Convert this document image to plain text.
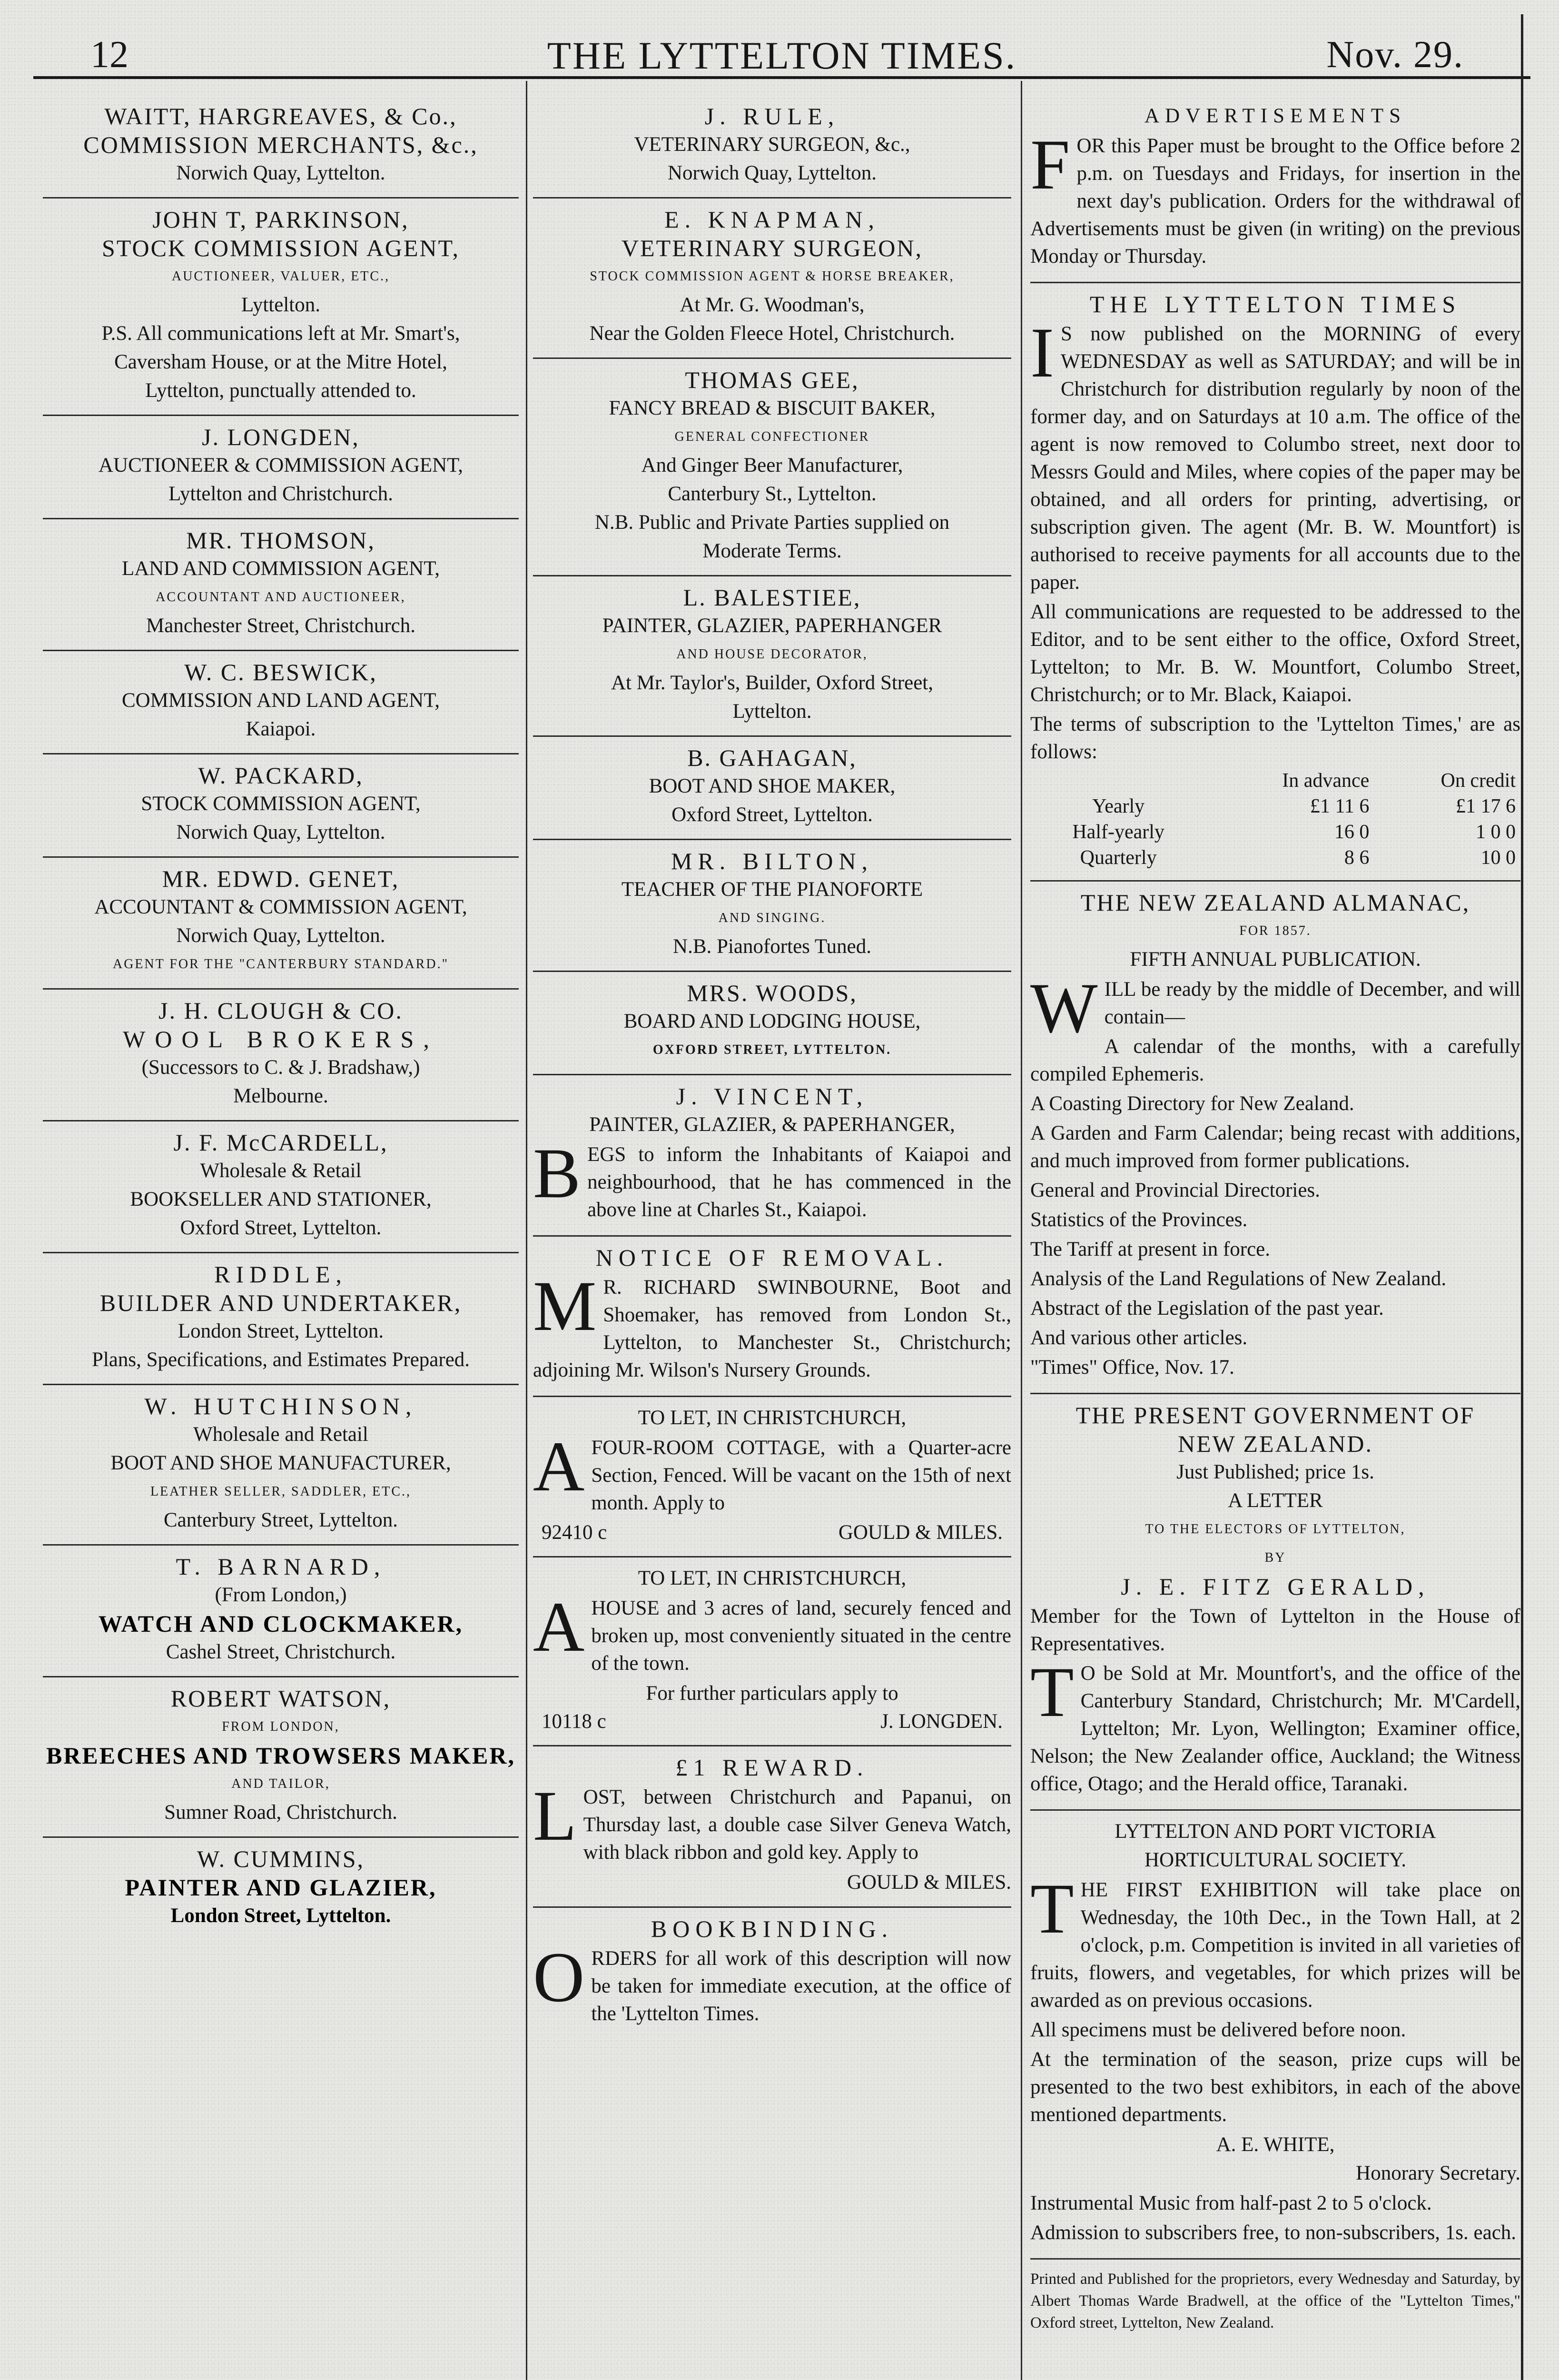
12	THE LYTTELTON TIMES.	Nov. 29.
WAITT, HARGREAVES, & Co.,
COMMISSION MERCHANTS, &c.,
Norwich Quay, Lyttelton.
JOHN T, PARKINSON,
STOCK COMMISSION AGENT,
AUCTIONEER, VALUER, ETC.,
Lyttelton.
P.S. All communications left at Mr. Smart's,
Caversham House, or at the Mitre Hotel,
Lyttelton, punctually attended to.
J. LONGDEN,
AUCTIONEER & COMMISSION AGENT,
Lyttelton and Christchurch.
MR. THOMSON,
LAND AND COMMISSION AGENT,
ACCOUNTANT AND AUCTIONEER,
Manchester Street, Christchurch.
W. C. BESWICK,
COMMISSION AND LAND AGENT,
Kaiapoi.
W. PACKARD,
STOCK COMMISSION AGENT,
Norwich Quay, Lyttelton.
MR. EDWD. GENET,
ACCOUNTANT & COMMISSION AGENT,
Norwich Quay, Lyttelton.
AGENT FOR THE "CANTERBURY STANDARD."
J. H. CLOUGH & CO.
WOOL BROKERS,
(Successors to C. & J. Bradshaw,)
Melbourne.
J. F. McCARDELL,
Wholesale & Retail
BOOKSELLER AND STATIONER,
Oxford Street, Lyttelton.
RIDDLE,
BUILDER AND UNDERTAKER,
London Street, Lyttelton.
Plans, Specifications, and Estimates Prepared.
W. HUTCHINSON,
Wholesale and Retail
BOOT AND SHOE MANUFACTURER,
LEATHER SELLER, SADDLER, ETC.,
Canterbury Street, Lyttelton.
T. BARNARD,
(From London,)
WATCH AND CLOCKMAKER,
Cashel Street, Christchurch.
ROBERT WATSON,
FROM LONDON,
BREECHES AND TROWSERS MAKER,
AND TAILOR,
Sumner Road, Christchurch.
W. CUMMINS,
PAINTER AND GLAZIER,
London Street, Lyttelton.
J. RULE,
VETERINARY SURGEON, &c.,
Norwich Quay, Lyttelton.
E. KNAPMAN,
VETERINARY SURGEON,
STOCK COMMISSION AGENT & HORSE BREAKER,
At Mr. G. Woodman's,
Near the Golden Fleece Hotel, Christchurch.
THOMAS GEE,
FANCY BREAD & BISCUIT BAKER,
GENERAL CONFECTIONER
And Ginger Beer Manufacturer,
Canterbury St., Lyttelton.
N.B. Public and Private Parties supplied on
Moderate Terms.
L. BALESTIEE,
PAINTER, GLAZIER, PAPERHANGER
AND HOUSE DECORATOR,
At Mr. Taylor's, Builder, Oxford Street,
Lyttelton.
B. GAHAGAN,
BOOT AND SHOE MAKER,
Oxford Street, Lyttelton.
MR. BILTON,
TEACHER OF THE PIANOFORTE
AND SINGING.
N.B. Pianofortes Tuned.
MRS. WOODS,
BOARD AND LODGING HOUSE,
OXFORD STREET, LYTTELTON.
J. VINCENT,
PAINTER, GLAZIER, & PAPERHANGER,
BEGS to inform the Inhabitants of Kaiapoi and neighbourhood, that he has commenced in the above line at Charles St., Kaiapoi.
NOTICE OF REMOVAL.
M R. RICHARD SWINBOURNE, Boot and Shoemaker, has removed from London St., Lyttelton, to Manchester St., Christchurch; adjoining Mr. Wilson's Nursery Grounds.
TO LET, IN CHRISTCHURCH,
AFOUR-ROOM COTTAGE, with a Quarter-acre Section, Fenced. Will be vacant on the 15th of next month. Apply to
92410 c	GOULD & MILES.
TO LET, IN CHRISTCHURCH,
AHOUSE and 3 acres of land, securely fenced and broken up, most conveniently situated in the centre of the town.
For further particulars apply to
10118 c	J. LONGDEN.
£1 REWARD.
LOST, between Christchurch and Papanui, on Thursday last, a double case Silver Geneva Watch, with black ribbon and gold key. Apply to
GOULD & MILES.
BOOKBINDING.
ORDERS for all work of this description will now be taken for immediate execution, at the office of the 'Lyttelton Times.
ADVERTISEMENTS
FOR this Paper must be brought to the Office before 2 p.m. on Tuesdays and Fridays, for insertion in the next day's publication. Orders for the withdrawal of Advertisements must be given (in writing) on the previous Monday or Thursday.
THE LYTTELTON TIMES
I S now published on the MORNING of every WEDNESDAY as well as SATURDAY; and will be in Christchurch for distribution regularly by noon of the former day, and on Saturdays at 10 a.m. The office of the agent is now removed to Columbo street, next door to Messrs Gould and Miles, where copies of the paper may be obtained, and all orders for printing, advertising, or subscription given. The agent (Mr. B. W. Mountfort) is authorised to receive payments for all accounts due to the paper.
All communications are requested to be addressed to the Editor, and to be sent either to the office, Oxford Street, Lyttelton; to Mr. B. W. Mountfort, Columbo Street, Christchurch; or to Mr. Black, Kaiapoi.
The terms of subscription to the 'Lyttelton Times,' are as follows:
	In advance	On credit
Yearly	£1 11 6	£1 17 6
Half-yearly	16 0	1 0 0
Quarterly	8 6	10 0
THE NEW ZEALAND ALMANAC,
FOR 1857.
FIFTH ANNUAL PUBLICATION.
WILL be ready by the middle of December, and will contain—
A calendar of the months, with a carefully compiled Ephemeris.
A Coasting Directory for New Zealand.
A Garden and Farm Calendar; being recast with additions, and much improved from former publications.
General and Provincial Directories.
Statistics of the Provinces.
The Tariff at present in force.
Analysis of the Land Regulations of New Zealand.
Abstract of the Legislation of the past year.
And various other articles.
"Times" Office, Nov. 17.
THE PRESENT GOVERNMENT OF
NEW ZEALAND.
Just Published; price 1s.
A LETTER
TO THE ELECTORS OF LYTTELTON,
BY
J. E. FITZ GERALD,
Member for the Town of Lyttelton in the House of Representatives.
T O be Sold at Mr. Mountfort's, and the office of the Canterbury Standard, Christchurch; Mr. M'Cardell, Lyttelton; Mr. Lyon, Wellington; Examiner office, Nelson; the New Zealander office, Auckland; the Witness office, Otago; and the Herald office, Taranaki.
LYTTELTON AND PORT VICTORIA
HORTICULTURAL SOCIETY.
THE FIRST EXHIBITION will take place on Wednesday, the 10th Dec., in the Town Hall, at 2 o'clock, p.m. Competition is invited in all varieties of fruits, flowers, and vegetables, for which prizes will be awarded as on previous occasions.
All specimens must be delivered before noon.
At the termination of the season, prize cups will be presented to the two best exhibitors, in each of the above mentioned departments.
A. E. WHITE,
Honorary Secretary.
Instrumental Music from half-past 2 to 5 o'clock.
Admission to subscribers free, to non-subscribers, 1s. each.
Printed and Published for the proprietors, every Wednesday and Saturday, by Albert Thomas Warde Bradwell, at the office of the "Lyttelton Times," Oxford street, Lyttelton, New Zealand.
